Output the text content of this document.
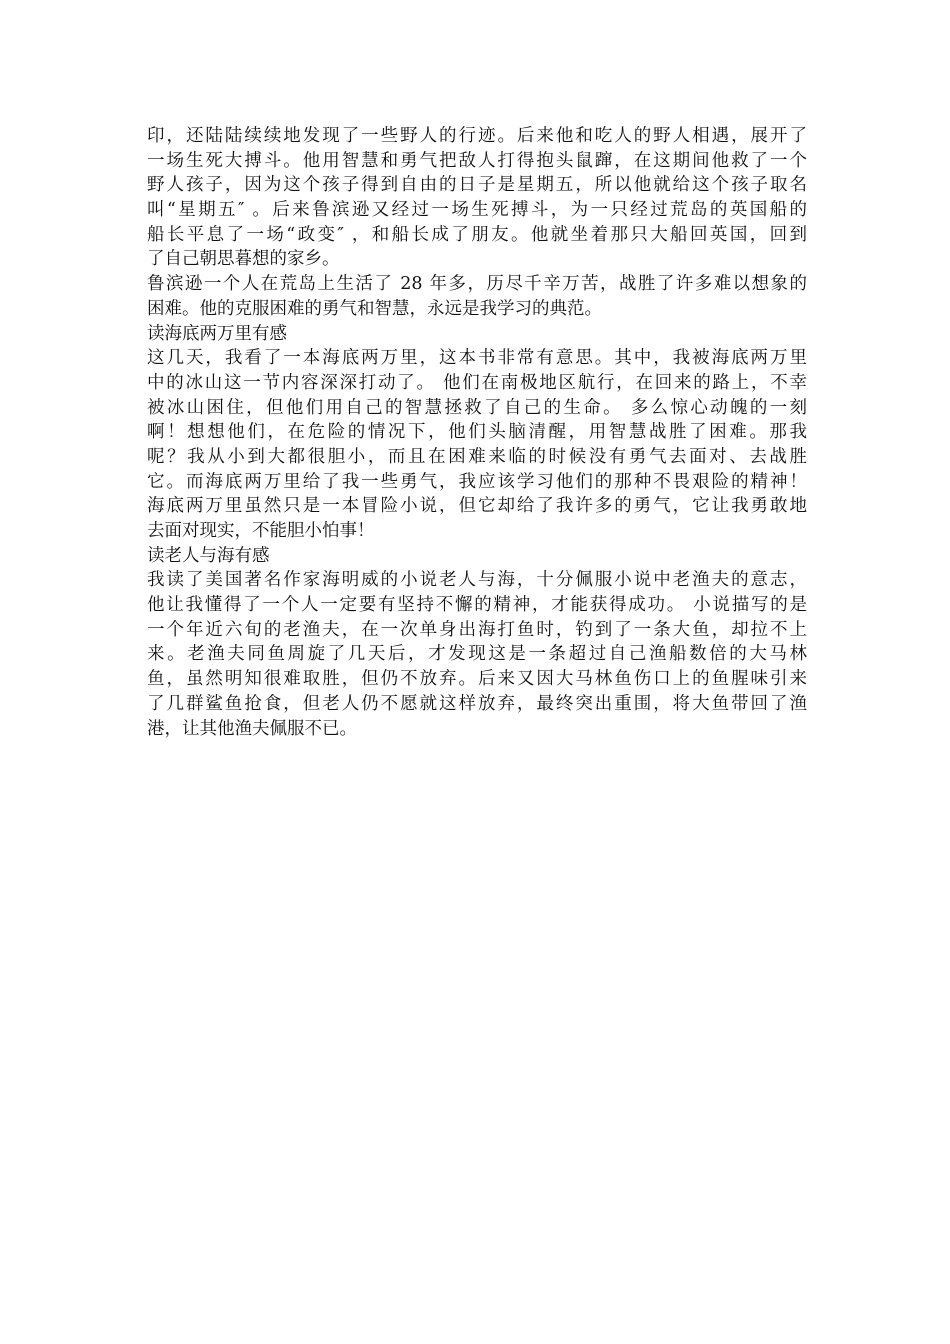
印，还陆陆续续地发现了一些野人的行迹。后来他和吃人的野人相遇，展开了
一场生死大搏斗。他用智慧和勇气把敌人打得抱头鼠蹿，在这期间他救了一个
野人孩子，因为这个孩子得到自由的日子是星期五，所以他就给这个孩子取名
叫“星期五″ 。后来鲁滨逊又经过一场生死搏斗，为一只经过荒岛的英国船的
船长平息了一场“政变″ ，和船长成了朋友。他就坐着那只大船回英国，回到
了自己朝思暮想的家乡。
鲁滨逊一个人在荒岛上生活了 28 年多，历尽千辛万苦，战胜了许多难以想象的
困难。他的克服困难的勇气和智慧，永远是我学习的典范。
读海底两万里有感
这几天，我看了一本海底两万里，这本书非常有意思。其中，我被海底两万里
中的冰山这一节内容深深打动了。 他们在南极地区航行，在回来的路上，不幸
被冰山困住，但他们用自己的智慧拯救了自己的生命。 多么惊心动魄的一刻
啊！想想他们，在危险的情况下，他们头脑清醒，用智慧战胜了困难。那我
呢？我从小到大都很胆小，而且在困难来临的时候没有勇气去面对、去战胜
它。而海底两万里给了我一些勇气，我应该学习他们的那种不畏艰险的精神！
海底两万里虽然只是一本冒险小说，但它却给了我许多的勇气，它让我勇敢地
去面对现实，不能胆小怕事！
读老人与海有感
我读了美国著名作家海明威的小说老人与海，十分佩服小说中老渔夫的意志，
他让我懂得了一个人一定要有坚持不懈的精神，才能获得成功。 小说描写的是
一个年近六旬的老渔夫，在一次单身出海打鱼时，钓到了一条大鱼，却拉不上
来。老渔夫同鱼周旋了几天后，才发现这是一条超过自己渔船数倍的大马林
鱼，虽然明知很难取胜，但仍不放弃。后来又因大马林鱼伤口上的鱼腥味引来
了几群鲨鱼抢食，但老人仍不愿就这样放弃，最终突出重围，将大鱼带回了渔
港，让其他渔夫佩服不已。
